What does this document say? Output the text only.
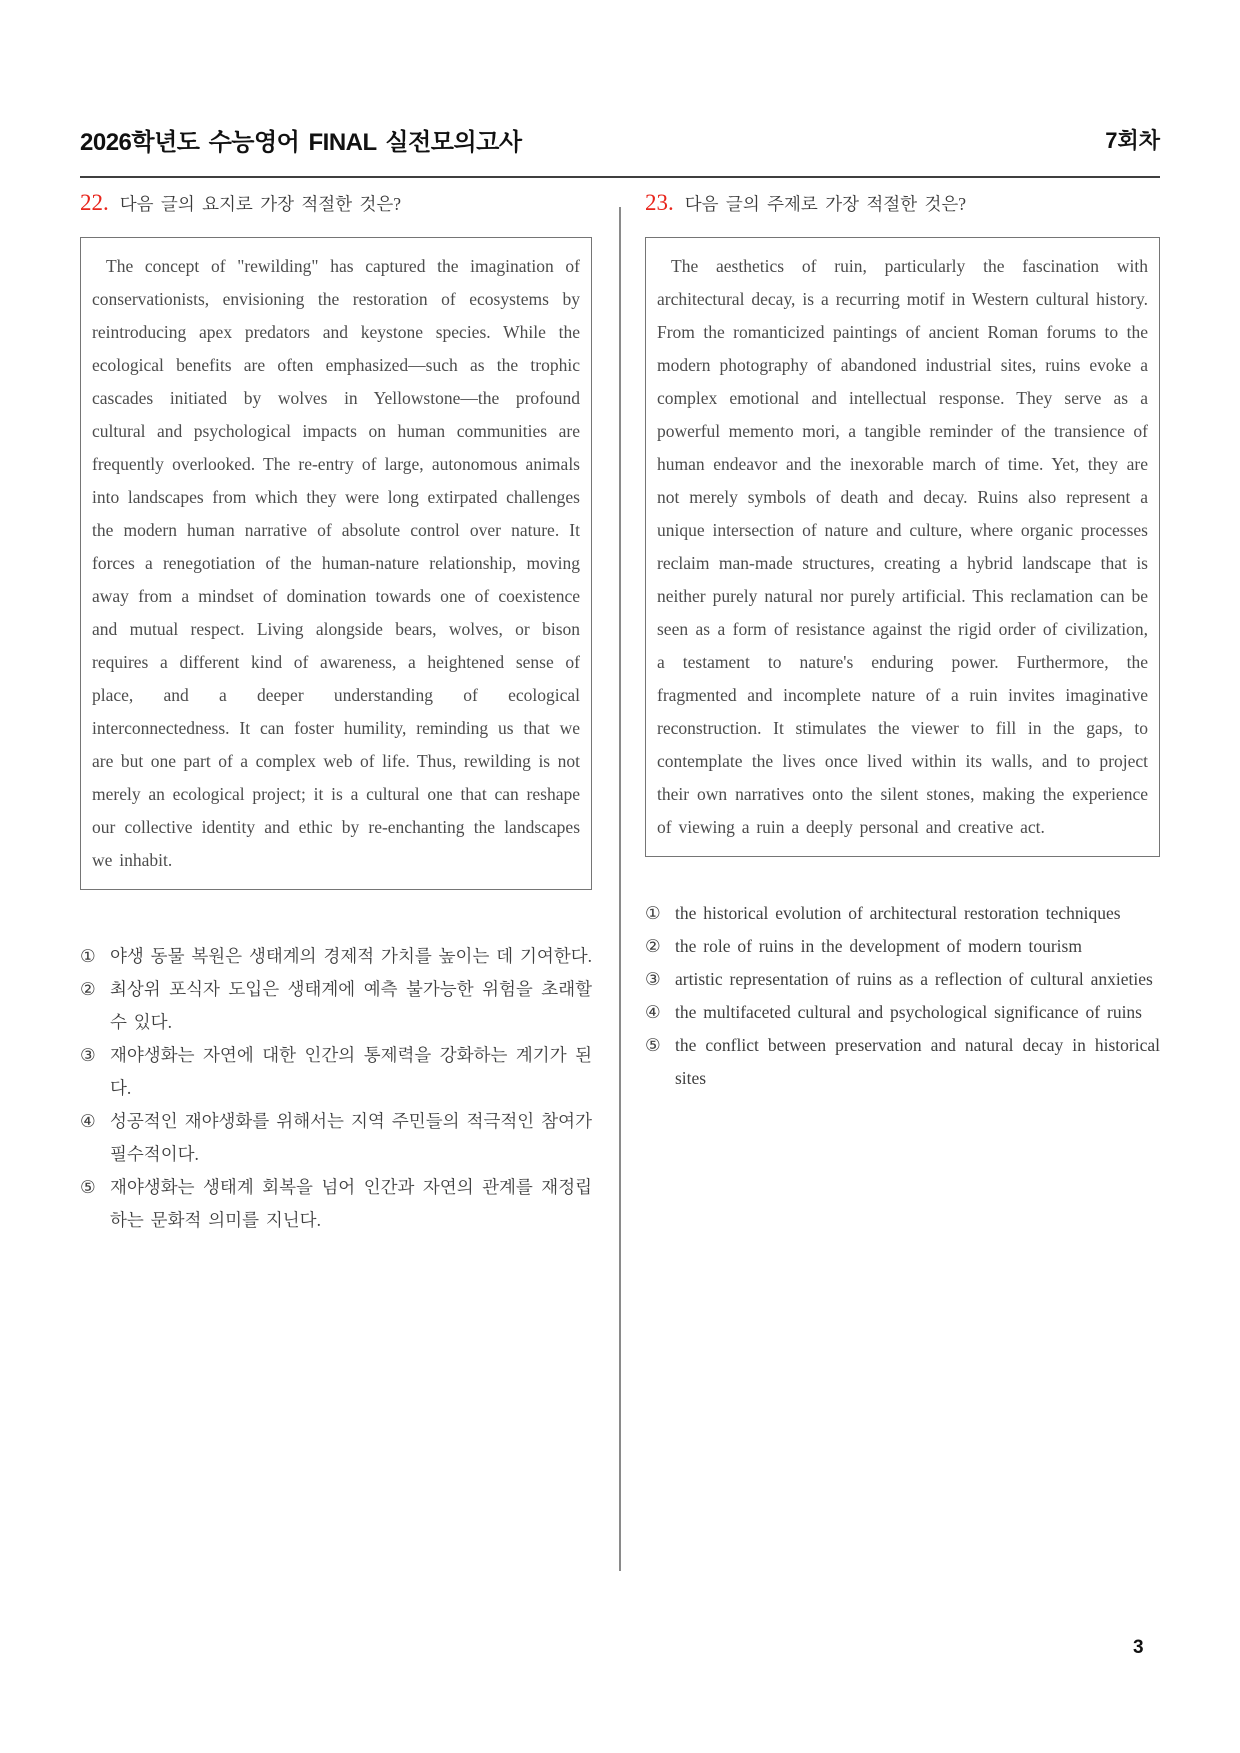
2026학년도 수능영어 FINAL 실전모의고사	7회차
22. 다음 글의 요지로 가장 적절한 것은?

The concept of "rewilding" has captured the imagination of conservationists, envisioning the restoration of ecosystems by reintroducing apex predators and keystone species. While the ecological benefits are often emphasized—such as the trophic cascades initiated by wolves in Yellowstone—the profound cultural and psychological impacts on human communities are frequently overlooked. The re-entry of large, autonomous animals into landscapes from which they were long extirpated challenges the modern human narrative of absolute control over nature. It forces a renegotiation of the human-nature relationship, moving away from a mindset of domination towards one of coexistence and mutual respect. Living alongside bears, wolves, or bison requires a different kind of awareness, a heightened sense of place, and a deeper understanding of ecological interconnectedness. It can foster humility, reminding us that we are but one part of a complex web of life. Thus, rewilding is not merely an ecological project; it is a cultural one that can reshape our collective identity and ethic by re-enchanting the landscapes we inhabit.

① 야생 동물 복원은 생태계의 경제적 가치를 높이는 데 기여한다.
② 최상위 포식자 도입은 생태계에 예측 불가능한 위험을 초래할 수 있다.
③ 재야생화는 자연에 대한 인간의 통제력을 강화하는 계기가 된다.
④ 성공적인 재야생화를 위해서는 지역 주민들의 적극적인 참여가 필수적이다.
⑤ 재야생화는 생태계 회복을 넘어 인간과 자연의 관계를 재정립하는 문화적 의미를 지닌다.
23. 다음 글의 주제로 가장 적절한 것은?

The aesthetics of ruin, particularly the fascination with architectural decay, is a recurring motif in Western cultural history. From the romanticized paintings of ancient Roman forums to the modern photography of abandoned industrial sites, ruins evoke a complex emotional and intellectual response. They serve as a powerful memento mori, a tangible reminder of the transience of human endeavor and the inexorable march of time. Yet, they are not merely symbols of death and decay. Ruins also represent a unique intersection of nature and culture, where organic processes reclaim man-made structures, creating a hybrid landscape that is neither purely natural nor purely artificial. This reclamation can be seen as a form of resistance against the rigid order of civilization, a testament to nature's enduring power. Furthermore, the fragmented and incomplete nature of a ruin invites imaginative reconstruction. It stimulates the viewer to fill in the gaps, to contemplate the lives once lived within its walls, and to project their own narratives onto the silent stones, making the experience of viewing a ruin a deeply personal and creative act.

① the historical evolution of architectural restoration techniques
② the role of ruins in the development of modern tourism
③ artistic representation of ruins as a reflection of cultural anxieties
④ the multifaceted cultural and psychological significance of ruins
⑤ the conflict between preservation and natural decay in historical sites
3
